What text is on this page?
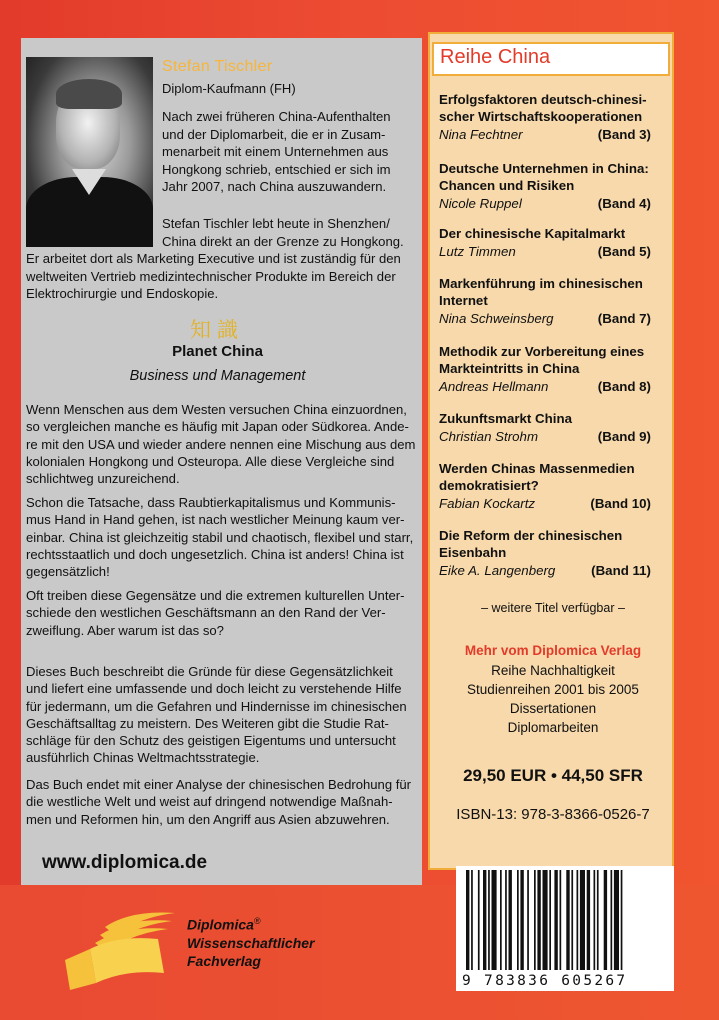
Stefan Tischler
Diplom-Kaufmann (FH)
Nach zwei früheren China-Aufenthalten
und der Diplomarbeit, die er in Zusam-
menarbeit mit einem Unternehmen aus
Hongkong schrieb, entschied er sich im
Jahr 2007, nach China auszuwandern.
Stefan Tischler lebt heute in Shenzhen/
China direkt an der Grenze zu Hongkong.
Er arbeitet dort als Marketing Executive und ist zuständig für den
weltweiten Vertrieb medizintechnischer Produkte im Bereich der
Elektrochirurgie und Endoskopie.
知識
Planet China
Business und Management
Wenn Menschen aus dem Westen versuchen China einzuordnen,
so vergleichen manche es häufig mit Japan oder Südkorea. Ande-
re mit den USA und wieder andere nennen eine Mischung aus dem
kolonialen Hongkong und Osteuropa. Alle diese Vergleiche sind
schlichtweg unzureichend.
Schon die Tatsache, dass Raubtierkapitalismus und Kommunis-
mus Hand in Hand gehen, ist nach westlicher Meinung kaum ver-
einbar. China ist gleichzeitig stabil und chaotisch, flexibel und starr,
rechtsstaatlich und doch ungesetzlich. China ist anders! China ist
gegensätzlich!
Oft treiben diese Gegensätze und die extremen kulturellen Unter-
schiede den westlichen Geschäftsmann an den Rand der Ver-
zweiflung. Aber warum ist das so?
Dieses Buch beschreibt die Gründe für diese Gegensätzlichkeit
und liefert eine umfassende und doch leicht zu verstehende Hilfe
für jedermann, um die Gefahren und Hindernisse im chinesischen
Geschäftsalltag zu meistern. Des Weiteren gibt die Studie Rat-
schläge für den Schutz des geistigen Eigentums und untersucht
ausführlich Chinas Weltmachtsstrategie.
Das Buch endet mit einer Analyse der chinesischen Bedrohung für
die westliche Welt und weist auf dringend notwendige Maßnah-
men und Reformen hin, um den Angriff aus Asien abzuwehren.
www.diplomica.de
Diplomica®
Wissenschaftlicher
Fachverlag
Reihe China
Erfolgsfaktoren deutsch-chinesi-
scher Wirtschaftskooperationen
Nina Fechtner	(Band 3)
Deutsche Unternehmen in China:
Chancen und Risiken
Nicole Ruppel	(Band 4)
Der chinesische Kapitalmarkt
Lutz Timmen	(Band 5)
Markenführung im chinesischen
Internet
Nina Schweinsberg	(Band 7)
Methodik zur Vorbereitung eines
Markteintritts in China
Andreas Hellmann	(Band 8)
Zukunftsmarkt China
Christian Strohm	(Band 9)
Werden Chinas Massenmedien
demokratisiert?
Fabian Kockartz	(Band 10)
Die Reform der chinesischen
Eisenbahn
Eike A. Langenberg	(Band 11)
– weitere Titel verfügbar –
Mehr vom Diplomica Verlag
Reihe Nachhaltigkeit
Studienreihen 2001 bis 2005
Dissertationen
Diplomarbeiten
29,50 EUR • 44,50 SFR
ISBN-13: 978-3-8366-0526-7
9 783836 605267
